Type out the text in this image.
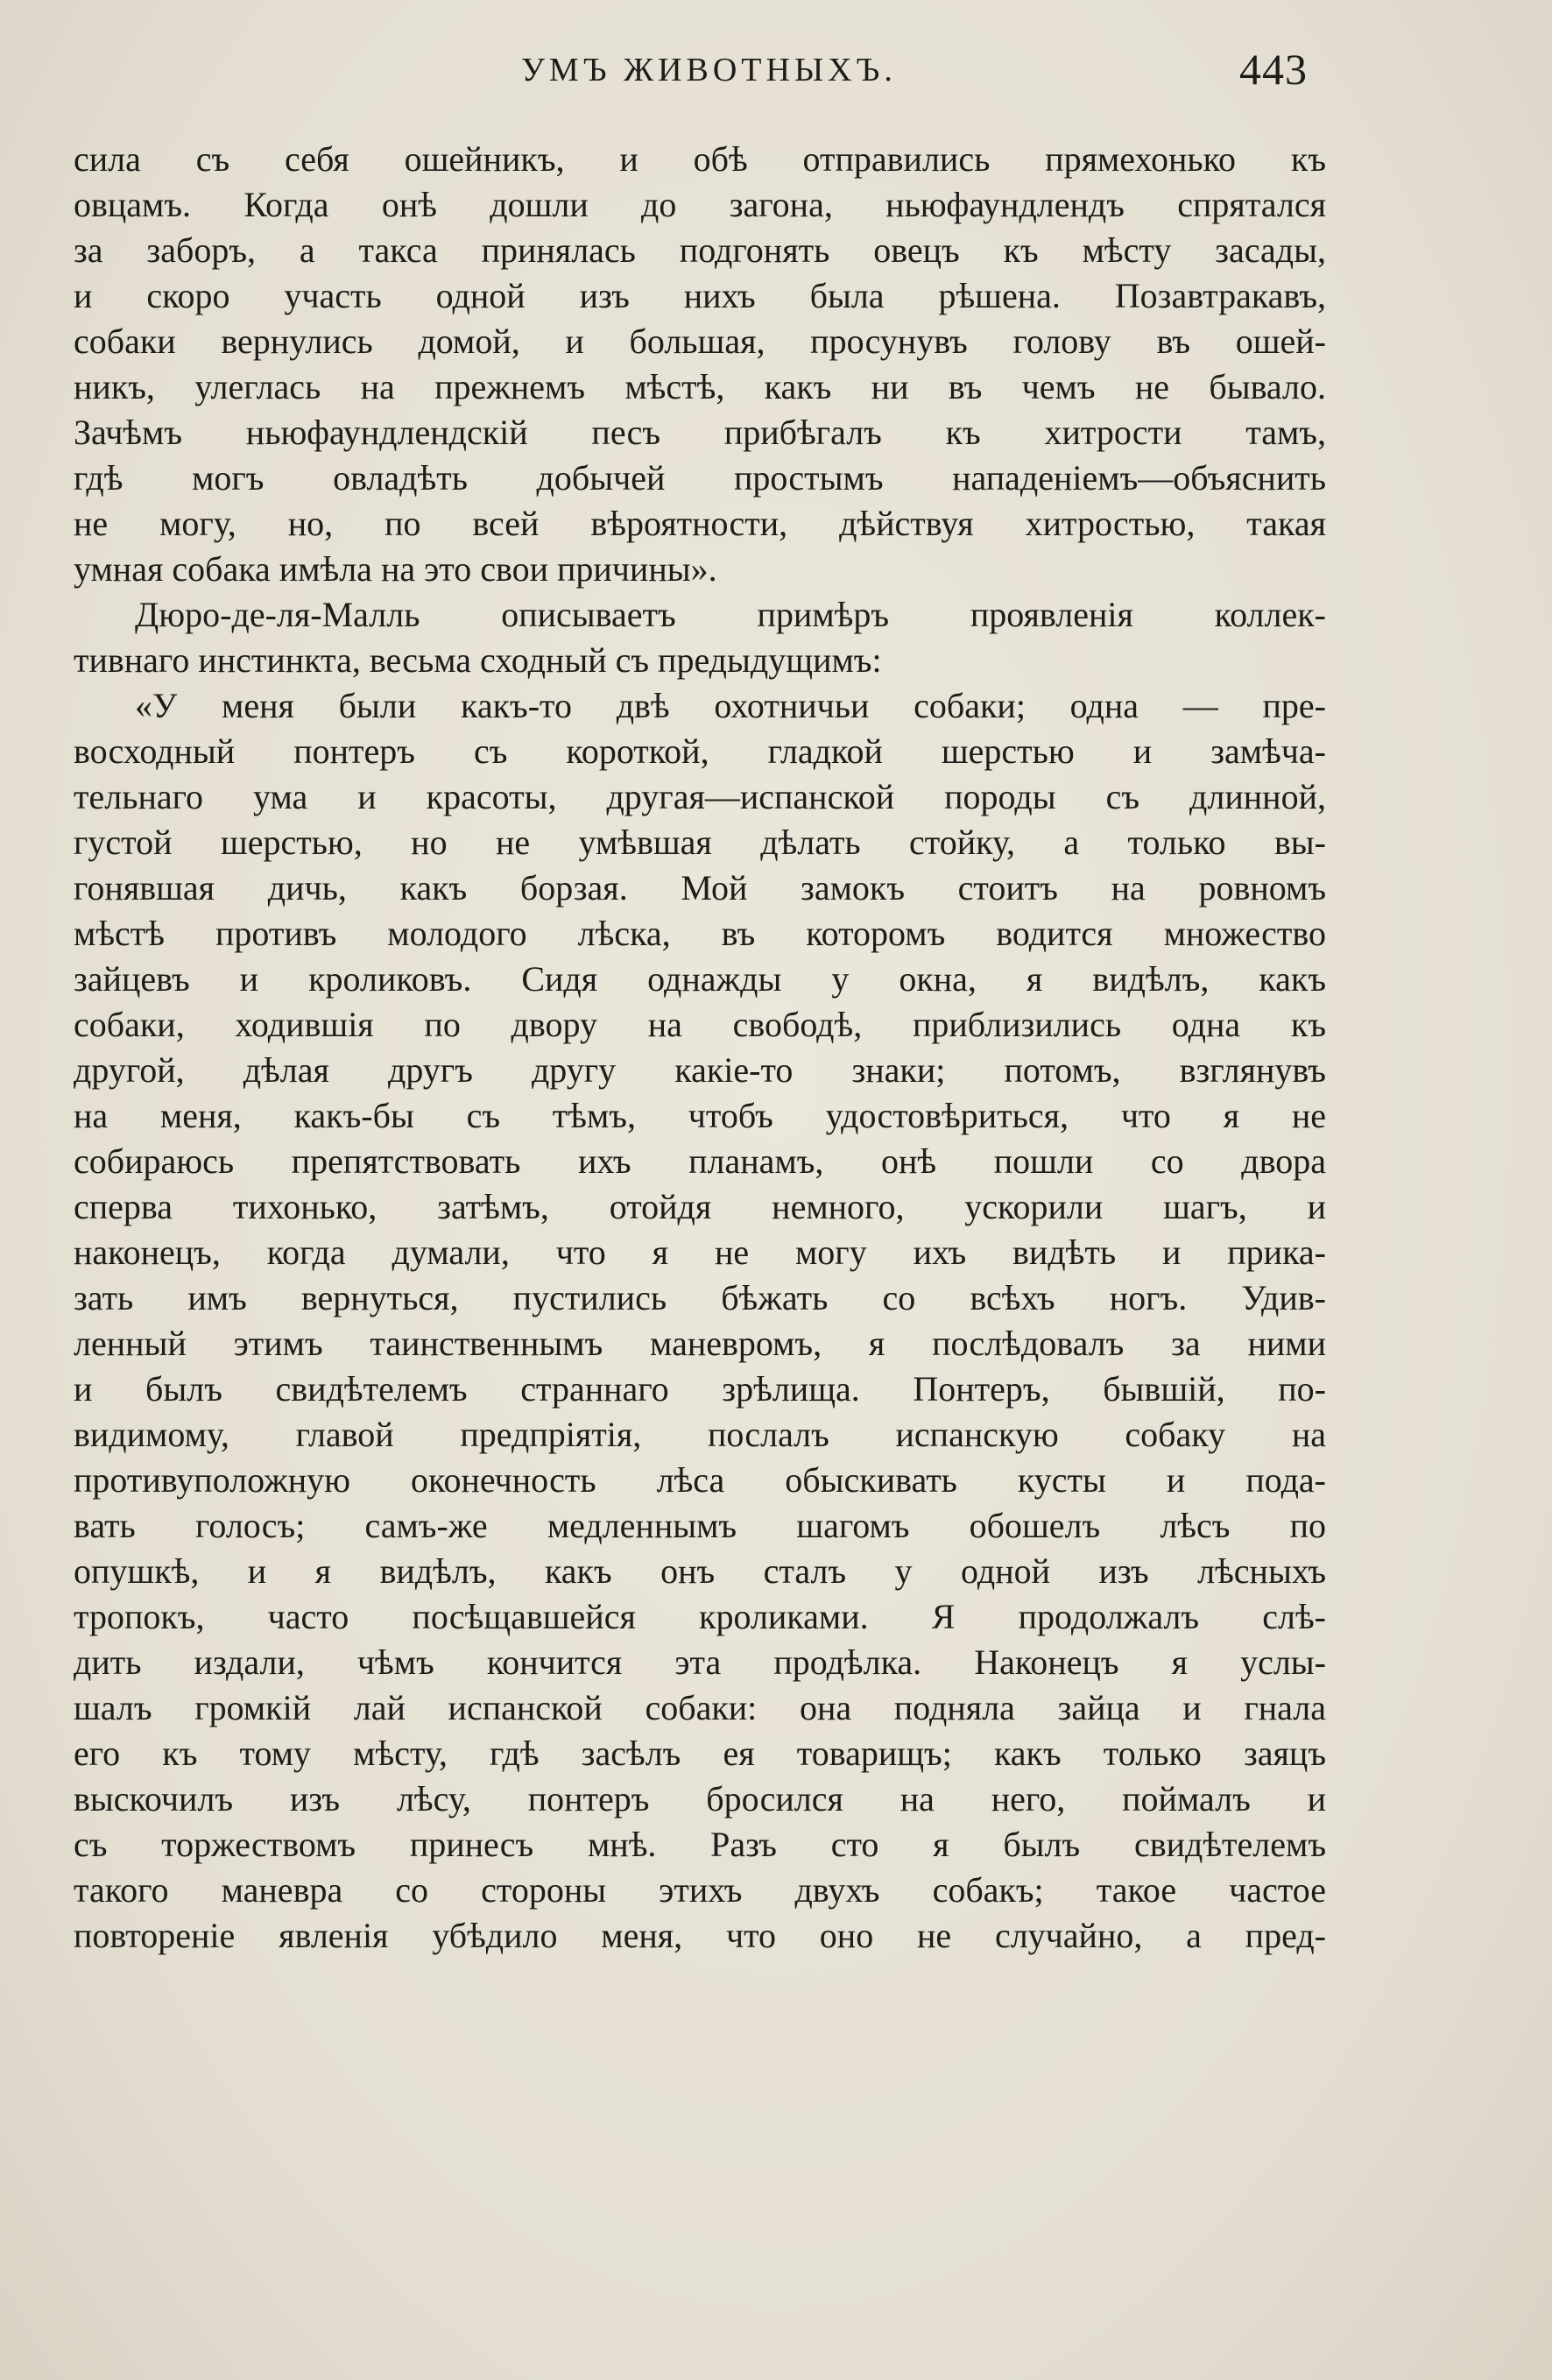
УМЪ ЖИВОТНЫХЪ.	443
сила съ себя ошейникъ, и обѣ отправились прямехонько къ
овцамъ. Когда онѣ дошли до загона, ньюфаундлендъ спрятался
за заборъ, а такса принялась подгонять овецъ къ мѣсту засады,
и скоро участь одной изъ нихъ была рѣшена. Позавтракавъ,
собаки вернулись домой, и большая, просунувъ голову въ ошей-
никъ, улеглась на прежнемъ мѣстѣ, какъ ни въ чемъ не бывало.
Зачѣмъ ньюфаундлендскій песъ прибѣгалъ къ хитрости тамъ,
гдѣ могъ овладѣть добычей простымъ нападеніемъ—объяснить
не могу, но, по всей вѣроятности, дѣйствуя хитростью, такая
умная собака имѣла на это свои причины».
Дюро-де-ля-Малль описываетъ примѣръ проявленія коллек-
тивнаго инстинкта, весьма сходный съ предыдущимъ:
«У меня были какъ-то двѣ охотничьи собаки; одна — пре-
восходный понтеръ съ короткой, гладкой шерстью и замѣча-
тельнаго ума и красоты, другая—испанской породы съ длинной,
густой шерстью, но не умѣвшая дѣлать стойку, а только вы-
гонявшая дичь, какъ борзая. Мой замокъ стоитъ на ровномъ
мѣстѣ противъ молодого лѣска, въ которомъ водится множество
зайцевъ и кроликовъ. Сидя однажды у окна, я видѣлъ, какъ
собаки, ходившія по двору на свободѣ, приблизились одна къ
другой, дѣлая другъ другу какіе-то знаки; потомъ, взглянувъ
на меня, какъ-бы съ тѣмъ, чтобъ удостовѣриться, что я не
собираюсь препятствовать ихъ планамъ, онѣ пошли со двора
сперва тихонько, затѣмъ, отойдя немного, ускорили шагъ, и
наконецъ, когда думали, что я не могу ихъ видѣть и прика-
зать имъ вернуться, пустились бѣжать со всѣхъ ногъ. Удив-
ленный этимъ таинственнымъ маневромъ, я послѣдовалъ за ними
и былъ свидѣтелемъ страннаго зрѣлища. Понтеръ, бывшій, по-
видимому, главой предпріятія, послалъ испанскую собаку на
противуположную оконечность лѣса обыскивать кусты и пода-
вать голосъ; самъ-же медленнымъ шагомъ обошелъ лѣсъ по
опушкѣ, и я видѣлъ, какъ онъ сталъ у одной изъ лѣсныхъ
тропокъ, часто посѣщавшейся кроликами. Я продолжалъ слѣ-
дить издали, чѣмъ кончится эта продѣлка. Наконецъ я услы-
шалъ громкій лай испанской собаки: она подняла зайца и гнала
его къ тому мѣсту, гдѣ засѣлъ ея товарищъ; какъ только заяцъ
выскочилъ изъ лѣсу, понтеръ бросился на него, поймалъ и
съ торжествомъ принесъ мнѣ. Разъ сто я былъ свидѣтелемъ
такого маневра со стороны этихъ двухъ собакъ; такое частое
повтореніе явленія убѣдило меня, что оно не случайно, а пред-
